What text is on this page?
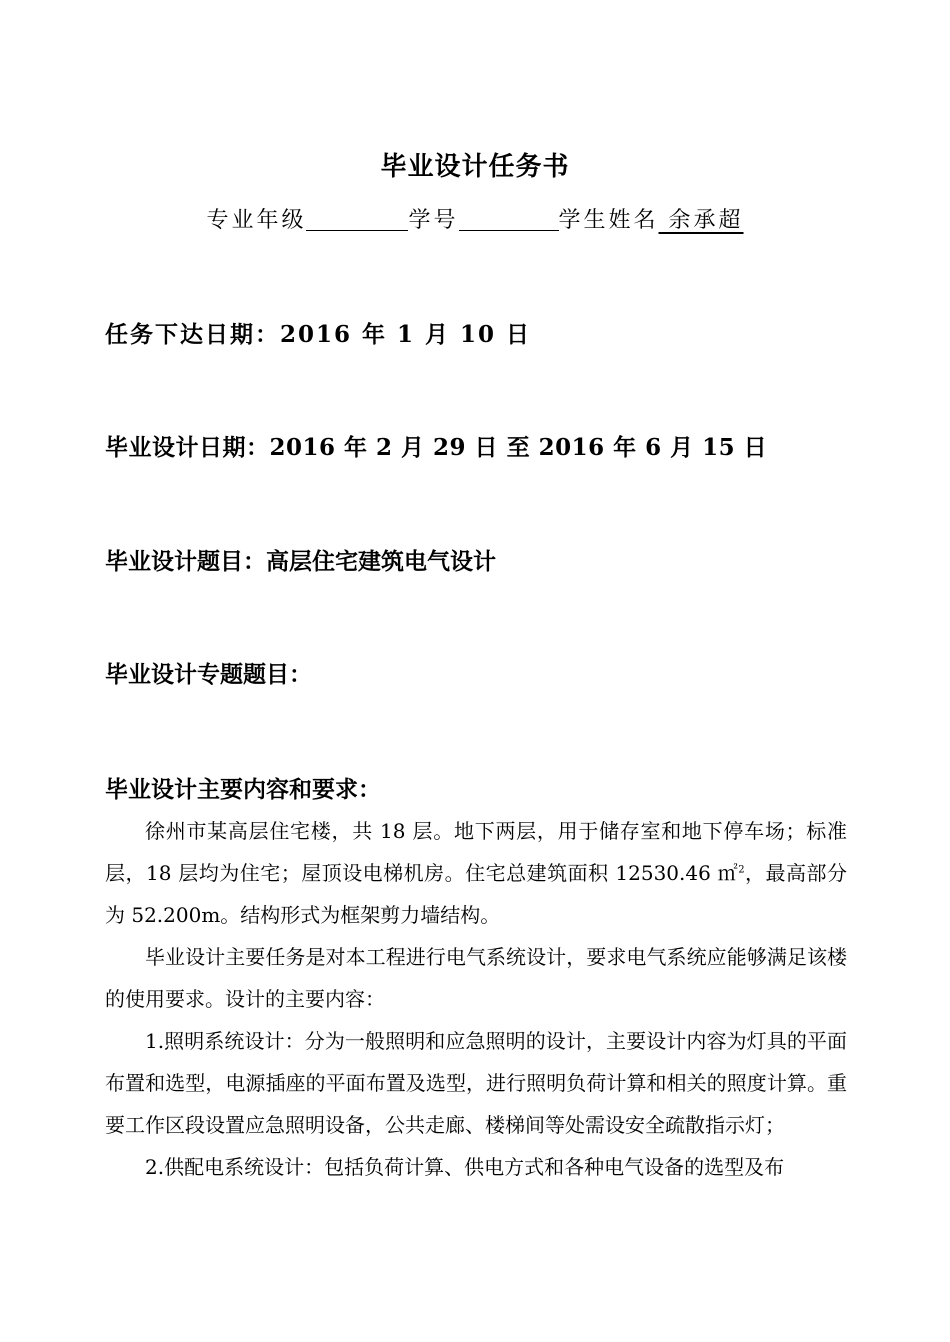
毕业设计任务书
专业年级	学号	学生姓名 余承超
任务下达日期：2016 年 1 月 10 日
毕业设计日期：2016 年 2 月 29 日 至 2016 年 6 月 15 日
毕业设计题目：高层住宅建筑电气设计
毕业设计专题题目：
毕业设计主要内容和要求：

徐州市某高层住宅楼，共 18 层。地下两层，用于储存室和地下停车场；标准层，18 层均为住宅；屋顶设电梯机房。住宅总建筑面积 12530.46 ㎡$^2$，最高部分为 52.200m。结构形式为框架剪力墙结构。

毕业设计主要任务是对本工程进行电气系统设计，要求电气系统应能够满足该楼的使用要求。设计的主要内容：

1.照明系统设计：分为一般照明和应急照明的设计，主要设计内容为灯具的平面布置和选型，电源插座的平面布置及选型，进行照明负荷计算和相关的照度计算。重要工作区段设置应急照明设备，公共走廊、楼梯间等处需设安全疏散指示灯；

2.供配电系统设计：包括负荷计算、供电方式和各种电气设备的选型及布
